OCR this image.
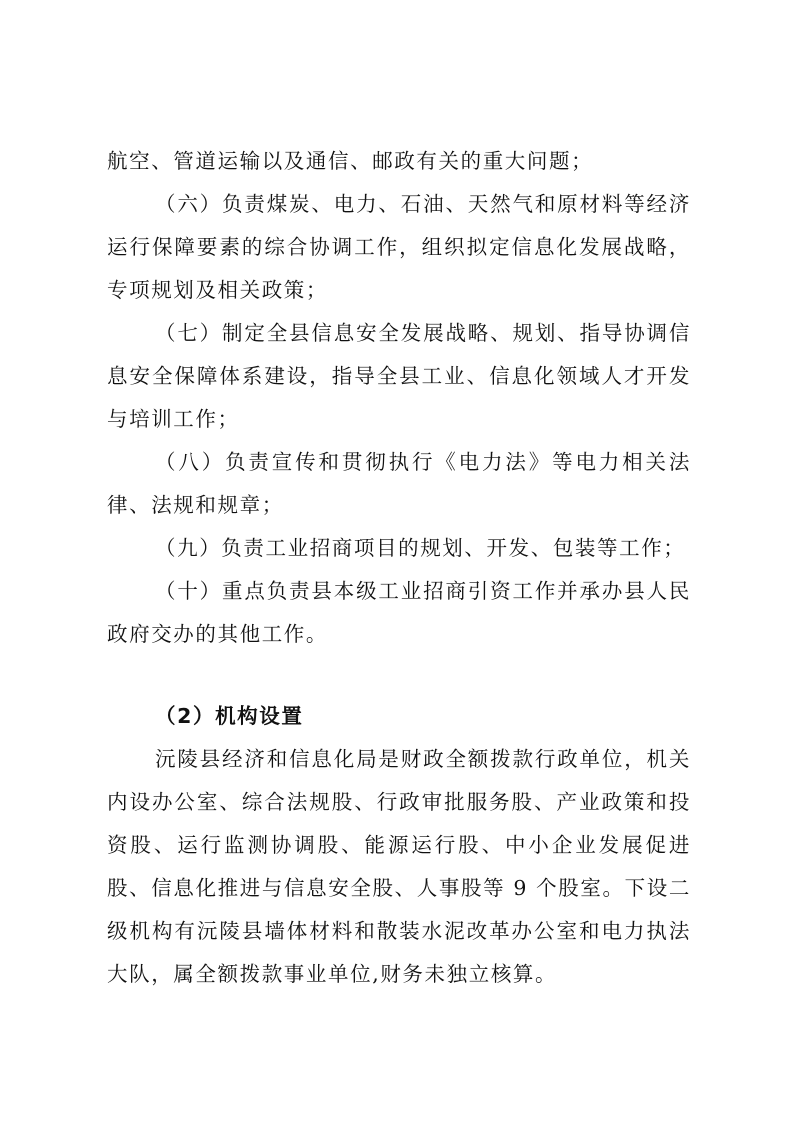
航空、管道运输以及通信、邮政有关的重大问题；

（六）负责煤炭、电力、石油、天然气和原材料等经济运行保障要素的综合协调工作，组织拟定信息化发展战略，专项规划及相关政策；

（七）制定全县信息安全发展战略、规划、指导协调信息安全保障体系建设，指导全县工业、信息化领域人才开发与培训工作；

（八）负责宣传和贯彻执行《电力法》等电力相关法律、法规和规章；

（九）负责工业招商项目的规划、开发、包装等工作；

（十）重点负责县本级工业招商引资工作并承办县人民政府交办的其他工作。

（2）机构设置

沅陵县经济和信息化局是财政全额拨款行政单位，机关内设办公室、综合法规股、行政审批服务股、产业政策和投资股、运行监测协调股、能源运行股、中小企业发展促进股、信息化推进与信息安全股、人事股等 9 个股室。下设二级机构有沅陵县墙体材料和散装水泥改革办公室和电力执法大队，属全额拨款事业单位,财务未独立核算。
